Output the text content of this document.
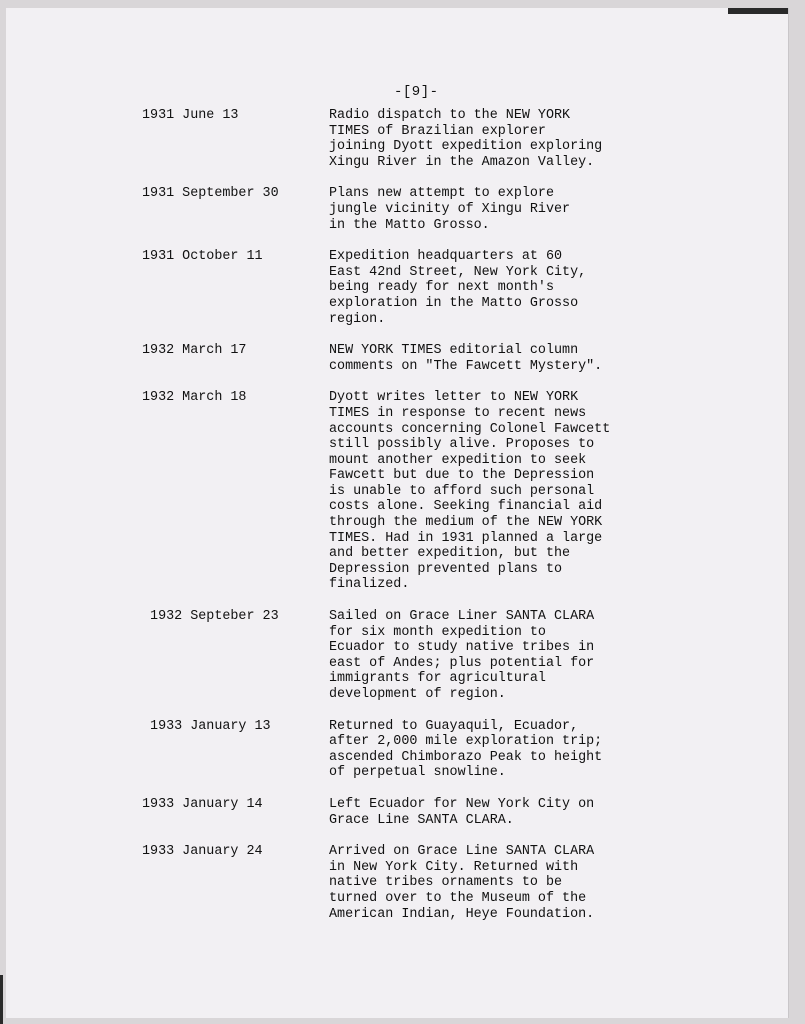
-[9]-
1931 June 13	Radio dispatch to the NEW YORK
TIMES of Brazilian explorer
joining Dyott expedition exploring
Xingu River in the Amazon Valley.
1931 September 30	Plans new attempt to explore
jungle vicinity of Xingu River
in the Matto Grosso.
1931 October 11	Expedition headquarters at 60
East 42nd Street, New York City,
being ready for next month's
exploration in the Matto Grosso
region.
1932 March 17	NEW YORK TIMES editorial column
comments on "The Fawcett Mystery".
1932 March 18	Dyott writes letter to NEW YORK
TIMES in response to recent news
accounts concerning Colonel Fawcett
still possibly alive. Proposes to
mount another expedition to seek
Fawcett but due to the Depression
is unable to afford such personal
costs alone. Seeking financial aid
through the medium of the NEW YORK
TIMES. Had in 1931 planned a large
and better expedition, but the
Depression prevented plans to
finalized.
1932 Septeber 23	Sailed on Grace Liner SANTA CLARA
for six month expedition to
Ecuador to study native tribes in
east of Andes; plus potential for
immigrants for agricultural
development of region.
1933 January 13	Returned to Guayaquil, Ecuador,
after 2,000 mile exploration trip;
ascended Chimborazo Peak to height
of perpetual snowline.
1933 January 14	Left Ecuador for New York City on
Grace Line SANTA CLARA.
1933 January 24	Arrived on Grace Line SANTA CLARA
in New York City. Returned with
native tribes ornaments to be
turned over to the Museum of the
American Indian, Heye Foundation.
